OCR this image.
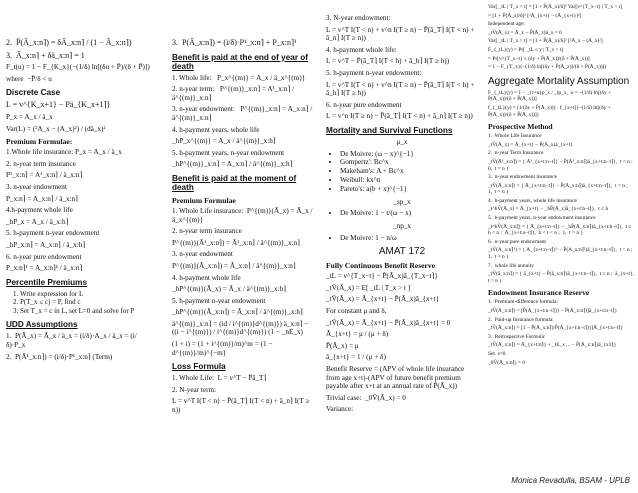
2.  P̈(Ā_x:n⌉) = δĀ_x:n⌉ / (1 − Ā_x:n⌉)

3.  Ā_x:n⌉ + δä_x:n⌉ = 1

F_t(u) = 1 − F_{K_x}(−(1/δ) ln[(δu + P̄)/(δ + P̄)])

where  −P̄/δ < u

Discrete Case

L = v^{K_x+1} − Pä_{K_x+1⌉}

P_x = A_x / ä_x

Var(L) = (²A_x − (A_x)²) / (dä_x)²

Premium Formulae:

1.Whole life insurance: P_x = A_x / ä_x

2. n-year term insurance

P¹_x:n⌉ = A¹_x:n⌉ / ä_x:n⌉

3. n-year endowment

P_x:n⌉ = A_x:n⌉ / ä_x:n⌉

4.h-payment whole life

_hP_x = A_x / ä_x:h⌉

5. h-payment n-year endowment

_hP_x:n⌉ = A_x:n⌉ / ä_x:h⌉

6. n-year pure endowment

P_x:n⌉¹ = A_x:n⌉¹ / ä_x:n⌉

Percentile Premiums
1. Write expression for L
2. P(T_x ≤ c) = P, find c
3. Set T_x = c in L, set L=0 and solve for P
UDD Assumptions

1.  P(Ā_x) = Ā_x / ä_x = (i/δ)·A_x / ä_x = (i/δ)·P_x

2.  P(Ā¹_x:n⌉) = (i/δ)·P¹_x:n⌉ (Term)

3.  P(Ā_x:n⌉) = (i/δ)·P¹_x:n⌉ + P_x:n⌉¹

Benefit is paid at the end of year of death

1. Whole life:   P_x^{(m)} = A_x / ä_x^{(m)}

2. n-year term:   P^{(m)}_x:n⌉ = A¹_x:n⌉ / ä^{(m)}_x:n⌉

3. n-year endowment:   P^{(m)}_x:n⌉ = A_x:n⌉ / ä^{(m)}_x:n⌉

4. h-payment years, whole life

_hP_x^{(m)} = A_x / ä^{(m)}_x:h⌉

5. h-payment years, n-year endowment

_hP^{(m)}_x:n⌉ = A_x:n⌉ / ä^{(m)}_x:h⌉

Benefit is paid at the moment of death
Premium Formulae

1. Whole Life insurance:  P^{(m)}(Ā_x) = Ā_x / ä_x^{(m)}

2. n-year term insurance

P^{(m)}(Ā¹_x:n⌉) = Ā¹_x:n⌉ / ä^{(m)}_x:n⌉

3. n-year endowment

P^{(m)}(Ā_x:n⌉) = Ā_x:n⌉ / ä^{(m)}_x:n⌉

4. h-payment whole life

_hP^{(m)}(Ā_x) = Ā_x / ä^{(m)}_x:h⌉

5. h-payment n-year endowment

_hP^{(m)}(Ā_x:n⌉) = Ā_x:n⌉ / ä^{(m)}_x:h⌉

ä^{(m)}_x:n⌉ = (id / i^{(m)}d^{(m)}) ä_x:n⌉ − ((i − i^{(m)}) / i^{(m)}d^{(m)}) (1 − _nE_x)

(1 + i) = (1 + i^{(m)}/m)^m = (1 − d^{(m)}/m)^{−m}

Loss Formula

1. Whole Life:  L = v^T − P̄ā_T⌉

2. N-year term:

L = v^T I(T < n) − P̄(ā_T⌉ I(T < n) + ā_n⌉ I(T ≥ n))

3. N-year endowment:

L = v^T I(T < n) + v^n I(T ≥ n) − P̄(ā_T⌉ I(T < n) + ā_n⌉ I(T ≥ n))

4. h-payment whole life:

L = v^T − P̄(ā_T⌉ I(T < h) + ā_h⌉ I(T ≥ h))

5. h-payment n-year endowment:

L = v^T I(T < n) + v^n I(T ≥ n) − P̄(ā_T⌉ I(T < h) + ā_h⌉ I(T ≥ h))

6. n-year pure endowment

L = v^n I(T ≥ n) − P̄(ā_T⌉ I(T < n) + ā_n⌉ I(T ≥ n))

Mortality and Survival Functions

μ_x

• De Moivre: (ω − x)^{−1}
• Gompertz': Bc^x
• Makeham's: A + Bc^x
• Weibull: kx^n
• Pareto's: a(b + x)^{−1}

_sp_x

• De Moivre: 1 − t/(ω − x)

_np_x

• De Moivre: 1 − n/ω
AMAT 172
Fully Continuous Benefit Reserve

_tL = v^{T_x−t} − P̄(Ā_x)ā_{T_x−t⌉}

_tV̄(Ā_x) = E[ _tL | T_x > t ]

_tV̄(Ā_x) = Ā_{x+t} − P̄(Ā_x)ā_{x+t}

For constant μ and δ,

_tV̄(Ā_x) = Ā_{x+t} − P̄(Ā_x)ā_{x+t} = 0

Ā_{x+t} = μ / (μ + δ)

P̄(Ā_x) = μ

ā_{x+t} = 1 / (μ + δ)

Benefit Reserve = (APV of whole life insurance from age x+t)-(APV of future benefit premium payable after x+t at an annual rate of P̄(Ā_x))

Trivial case:  _0V̄(Ā_x) = 0

Variance:

Var[ _tL | T_x > t] = [1 + P̄(Ā_x)/δ]² Var[v^{T_x−t} | T_x > t]

= [1 + P̄(Ā_x)/δ]² [²Ā_{x+t} − (Ā_{x+t})²]

Independent age:

_tV̄(Ā_x) = Ā_x − P̄(Ā_x)ā_x = 0

Var[ _tL | T_x > t] = [1 + P̄(Ā_x)/δ]² [²Ā_x − (Ā_x)²]

F_{_tL}(y) = Pr[ _tL ≤ y | T_x > t]

= Pr[v^{T_x−t} ≤ (δy + P̄(Ā_x))/(δ + P̄(Ā_x))]

= 1 − F_{T_x}(−(1/δ) ln[(δy + P̄(Ā_x))/(δ + P̄(Ā_x))])

Aggregate Mortality Assumption

F_{_tL}(y) = 1 − _{t+u}p_x / _tp_x,  u = −(1/δ) ln[(δy + P̄(Ā_x))/(δ + P̄(Ā_x))]

f_{_tL}(y) = (1/(δy + P̄(Ā_x))) · f_{x+t}(−(1/δ) ln[(δy + P̄(Ā_x))/(δ + P̄(Ā_x))])

Prospective Method

1.  Whole Life Insurance

_tV̄(Ā_x) = Ā_{x+t} − P̄(Ā_x)ā_{x+t}

2.  n-year Term Insurance

_tV̄(Ā¹_x:n⌉) = { Ā¹_{x+t:n−t⌉} − P̄(Ā¹_x:n⌉)ā_{x+t:n−t⌉},  t < n ;  0,  t = n }

3.  n-year endowment insurance

_tV̄(Ā_x:n⌉) = { Ā_{x+t:n−t⌉} − P̄(Ā_x:n⌉)ā_{x+t:n−t⌉},  t < n ;  1,  t = n }

4.  h-payment years, whole life insurance

_t^hV̄(Ā_x) = Ā_{x+t} − _hP̄(Ā_x)ā_{x+t:h−t⌉},  t ≤ h

5.  h-payment years, n-year endowment insurance

_t^hV̄(Ā_x:n⌉) = { Ā_{x+t:n−t⌉} − _hP̄(Ā_x:n⌉)ā_{x+t:h−t⌉},  t ≤ h < n ;  Ā_{x+t:n−t⌉},  h < t < n ;  1,  t = n }

6.  n-year pure endowment

_tV̄(A_x:n⌉¹) = { A_{x+t:n−t⌉}¹ − P̄(A_x:n⌉¹)ā_{x+t:n−t⌉},  t < n ;  1,  t = n }

7.  whole life annuity

_tV̄(ā_x:n⌉) = { ä_{x+t} − P̄(ā_x:n⌉)ā_{x+t:n−t⌉},  t ≤ n ;  ā_{x+t},  t > n }

Endowment Insurance Reserve

1.  Premium-difference formula:

_tV̄(Ā_x:n⌉) = [P̄(Ā_{x+t:n−t⌉}) − P̄(Ā_x:n⌉)]ā_{x+t:n−t⌉}

2.  Paid-up Insurance formula:

_tV̄(Ā_x:n⌉) = [1 − P̄(Ā_x:n⌉)/P̄(Ā_{x+t:n−t⌉})]Ā_{x+t:n−t⌉}

3.  Retrospective Formula:

_tV̄(Ā_x:n⌉) = Ā_{x+t:n⌉} + _tE_x ... − P̄(Ā_x:n⌉)ā_{x:t⌉}

Set  s=0

_0V̄(Ā_x:n⌉) = 0

Monica Revadulla, BSAM - UPLB
